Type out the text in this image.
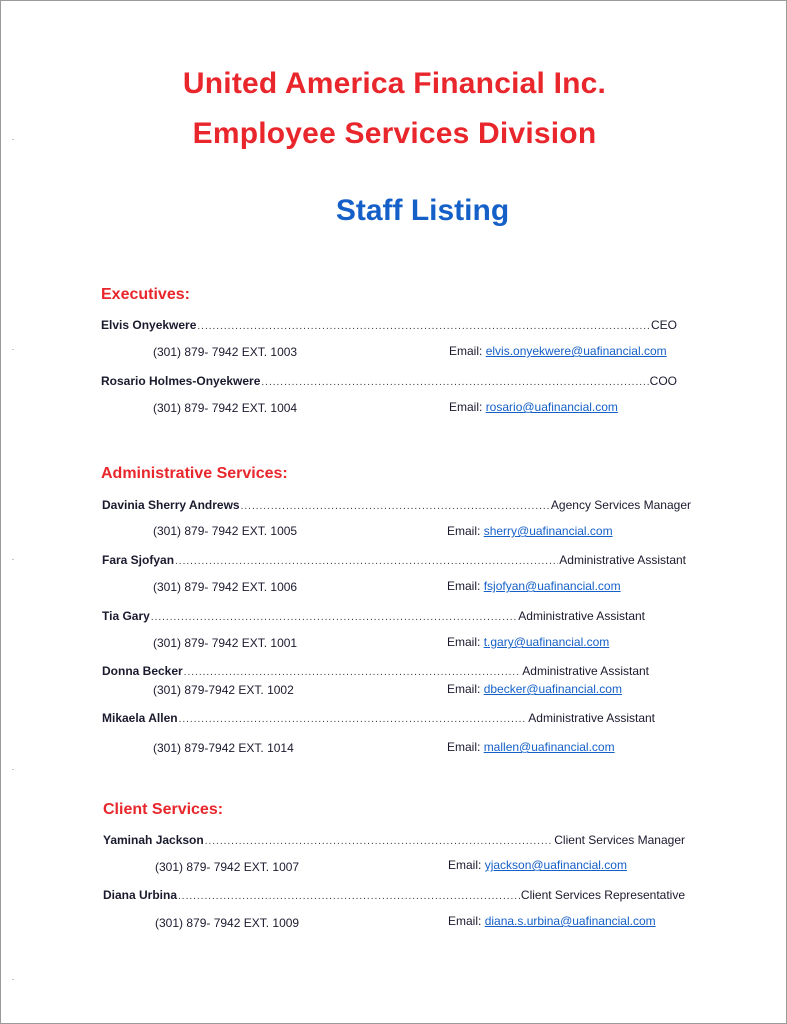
United America Financial Inc.
Employee Services Division
Staff Listing
Executives:
Elvis Onyekwere .....	CEO
(301) 879- 7942 EXT. 1003	Email: elvis.onyekwere@uafinancial.com
Rosario Holmes-Onyekwere .....	COO
(301) 879- 7942 EXT. 1004	Email: rosario@uafinancial.com
Administrative Services:
Davinia Sherry Andrews .....	Agency Services Manager
(301) 879- 7942 EXT. 1005	Email: sherry@uafinancial.com
Fara Sjofyan .....	Administrative Assistant
(301) 879- 7942 EXT. 1006	Email: fsjofyan@uafinancial.com
Tia Gary .....	Administrative Assistant
(301) 879- 7942 EXT. 1001	Email: t.gary@uafinancial.com
Donna Becker .....	Administrative Assistant
(301) 879-7942 EXT. 1002	Email: dbecker@uafinancial.com
Mikaela Allen .....	Administrative Assistant
(301) 879-7942 EXT. 1014	Email: mallen@uafinancial.com
Client Services:
Yaminah Jackson .....	Client Services Manager
(301) 879- 7942 EXT. 1007	Email: yjackson@uafinancial.com
Diana Urbina .....	Client Services Representative
(301) 879- 7942 EXT. 1009	Email: diana.s.urbina@uafinancial.com
